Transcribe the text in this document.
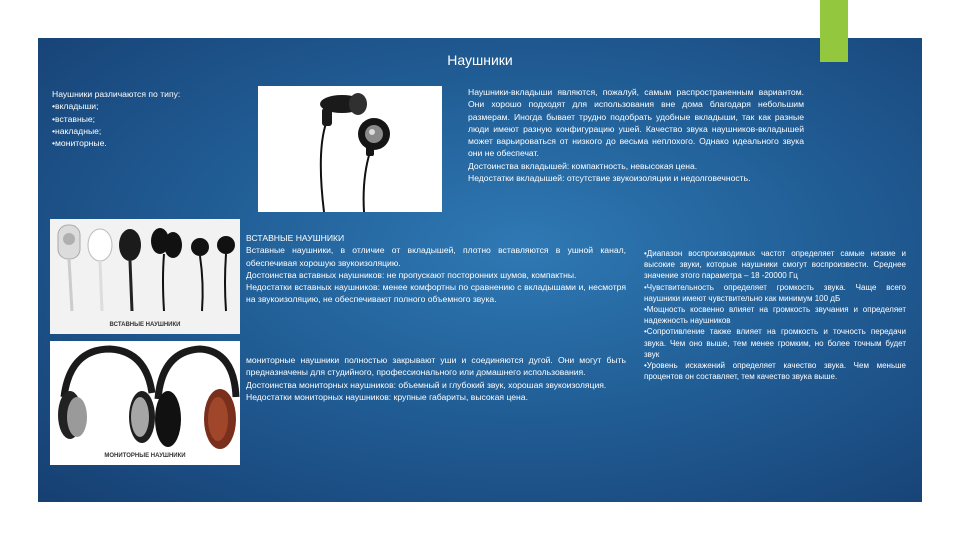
Наушники
Наушники различаются по типу:
•вкладыши;
•вставные;
•накладные;
•мониторные.
Наушники-вкладыши являются, пожалуй, самым распространенным вариантом. Они хорошо подходят для использования вне дома благодаря небольшим размерам. Иногда бывает трудно подобрать удобные вкладыши, так как разные люди имеют разную конфигурацию ушей. Качество звука наушников-вкладышей может варьироваться от низкого до весьма неплохого. Однако идеального звука они не обеспечат.
Достоинства вкладышей: компактность, невысокая цена.
Недостатки вкладышей: отсутствие звукоизоляции и недолговечность.
ВСТАВНЫЕ НАУШНИКИ
ВСТАВНЫЕ НАУШНИКИ
Вставные наушники, в отличие от вкладышей, плотно вставляются в ушной канал, обеспечивая хорошую звукоизоляцию.
Достоинства вставных наушников: не пропускают посторонних шумов, компактны.
Недостатки вставных наушников: менее комфортны по сравнению с вкладышами и, несмотря на звукоизоляцию, не обеспечивают полного объемного звука.
МОНИТОРНЫЕ НАУШНИКИ
мониторные наушники полностью закрывают уши и соединяются дугой. Они могут быть предназначены для студийного, профессионального или домашнего использования.
Достоинства мониторных наушников: объемный и глубокий звук, хорошая звукоизоляция.
Недостатки мониторных наушников: крупные габариты, высокая цена.
•Диапазон воспроизводимых частот определяет самые низкие и высокие звуки, которые наушники смогут воспроизвести. Среднее значение этого параметра – 18 -20000 Гц
•Чувствительность определяет громкость звука. Чаще всего наушники имеют чувствительно как минимум 100 дБ
•Мощность косвенно влияет на громкость звучания и определяет надежность наушников
•Сопротивление также влияет на громкость и точность передачи звука. Чем оно выше, тем менее громким, но более точным будет звук
•Уровень искажений определяет качество звука. Чем меньше процентов он составляет, тем качество звука выше.
